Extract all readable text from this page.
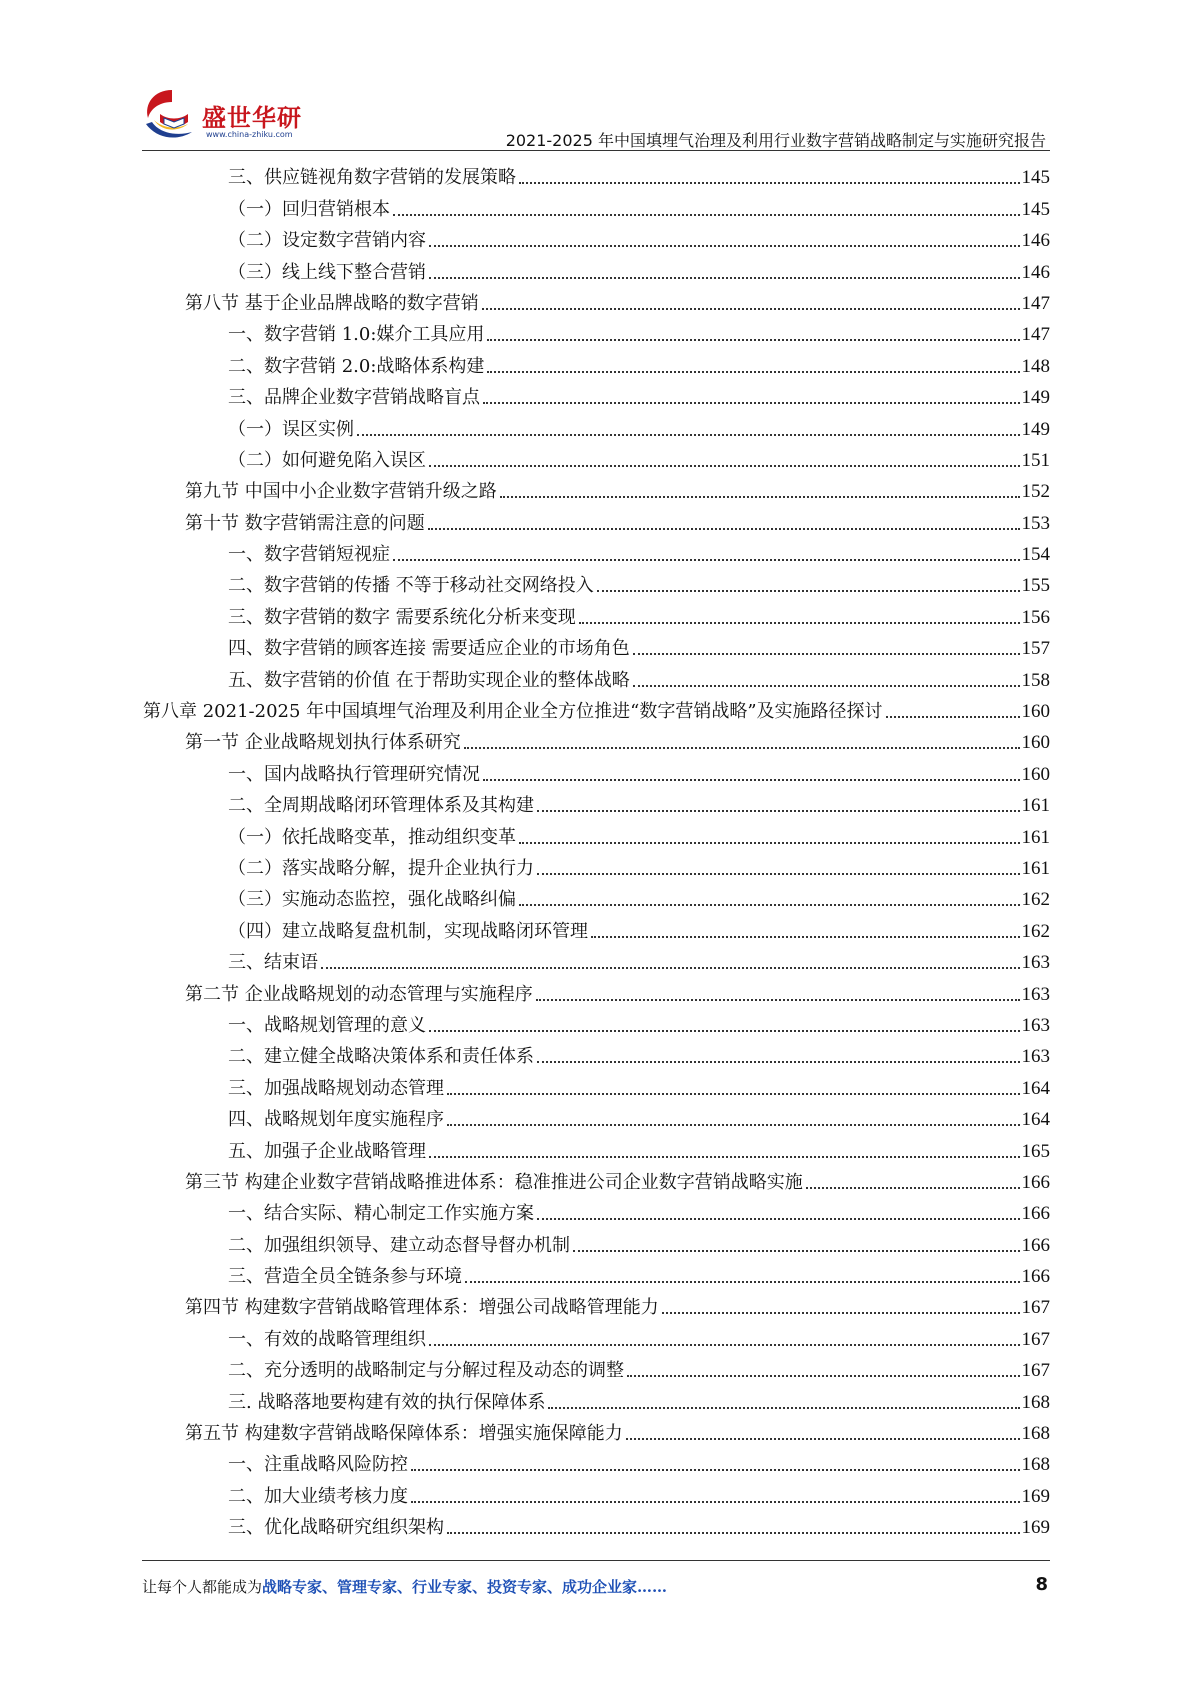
盛世华研
www.china-zhiku.com	2021-2025 年中国填埋气治理及利用行业数字营销战略制定与实施研究报告
三、供应链视角数字营销的发展策略	145
（一）回归营销根本	145
（二）设定数字营销内容	146
（三）线上线下整合营销	146
第八节 基于企业品牌战略的数字营销	147
一、数字营销 1.0:媒介工具应用	147
二、数字营销 2.0:战略体系构建	148
三、品牌企业数字营销战略盲点	149
（一）误区实例	149
（二）如何避免陷入误区	151
第九节 中国中小企业数字营销升级之路	152
第十节 数字营销需注意的问题	153
一、数字营销短视症	154
二、数字营销的传播 不等于移动社交网络投入	155
三、数字营销的数字 需要系统化分析来变现	156
四、数字营销的顾客连接 需要适应企业的市场角色	157
五、数字营销的价值 在于帮助实现企业的整体战略	158
第八章 2021-2025 年中国填埋气治理及利用企业全方位推进“数字营销战略”及实施路径探讨	160
第一节 企业战略规划执行体系研究	160
一、国内战略执行管理研究情况	160
二、全周期战略闭环管理体系及其构建	161
（一）依托战略变革，推动组织变革	161
（二）落实战略分解，提升企业执行力	161
（三）实施动态监控，强化战略纠偏	162
（四）建立战略复盘机制，实现战略闭环管理	162
三、结束语	163
第二节 企业战略规划的动态管理与实施程序	163
一、战略规划管理的意义	163
二、建立健全战略决策体系和责任体系	163
三、加强战略规划动态管理	164
四、战略规划年度实施程序	164
五、加强子企业战略管理	165
第三节 构建企业数字营销战略推进体系：稳准推进公司企业数字营销战略实施	166
一、结合实际、精心制定工作实施方案	166
二、加强组织领导、建立动态督导督办机制	166
三、营造全员全链条参与环境	166
第四节 构建数字营销战略管理体系：增强公司战略管理能力	167
一、有效的战略管理组织	167
二、充分透明的战略制定与分解过程及动态的调整	167
三. 战略落地要构建有效的执行保障体系	168
第五节 构建数字营销战略保障体系：增强实施保障能力	168
一、注重战略风险防控	168
二、加大业绩考核力度	169
三、优化战略研究组织架构	169
让每个人都能成为战略专家、管理专家、行业专家、投资专家、成功企业家……	8
